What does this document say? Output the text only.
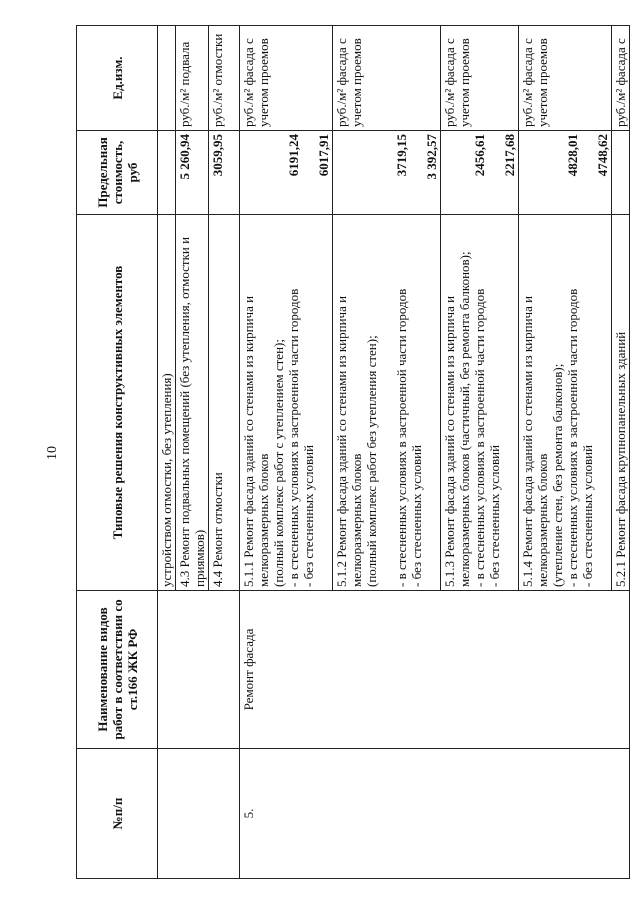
10
№п/п	Наименование видов работ в соответствии со ст.166 ЖК РФ	Типовые решения конструктивных элементов	Предельная стоимость, руб	Ед.изм.
		устройством отмостки, без утепления)		
		4.3 Ремонт подвальных помещений (без утепления, отмостки и приямков)	5 260,94	руб./м² подвала
		4.4 Ремонт отмостки	3059,95	руб./м² отмостки
5.	Ремонт фасада	5.1.1 Ремонт фасада зданий со стенами из кирпича и мелкоразмерных блоков (полный комплекс работ с утеплением стен); - в стесненных условиях в застроенной части городов - без стесненных условий	6191,24 6017,91	руб./м² фасада с учетом проемов

		5.1.2 Ремонт фасада зданий со стенами из кирпича и мелкоразмерных блоков (полный комплекс работ без утепления стен); - в стесненных условиях в застроенной части городов - без стесненных условий	3719,15 3 392,57	руб./м² фасада с учетом проемов

		5.1.3 Ремонт фасада зданий со стенами из кирпича и мелкоразмерных блоков (частичный, без ремонта балконов); - в стесненных условиях в застроенной части городов - без стесненных условий	2456,61 2217,68	руб./м² фасада с учетом проемов

		5.1.4 Ремонт фасада зданий со стенами из кирпича и мелкоразмерных блоков (утепление стен, без ремонта балконов); - в стесненных условиях в застроенной части городов - без стесненных условий	4828,01 4748,62	руб./м² фасада с учетом проемов
		5.2.1 Ремонт фасада крупнопанельных зданий		руб./м² фасада с
